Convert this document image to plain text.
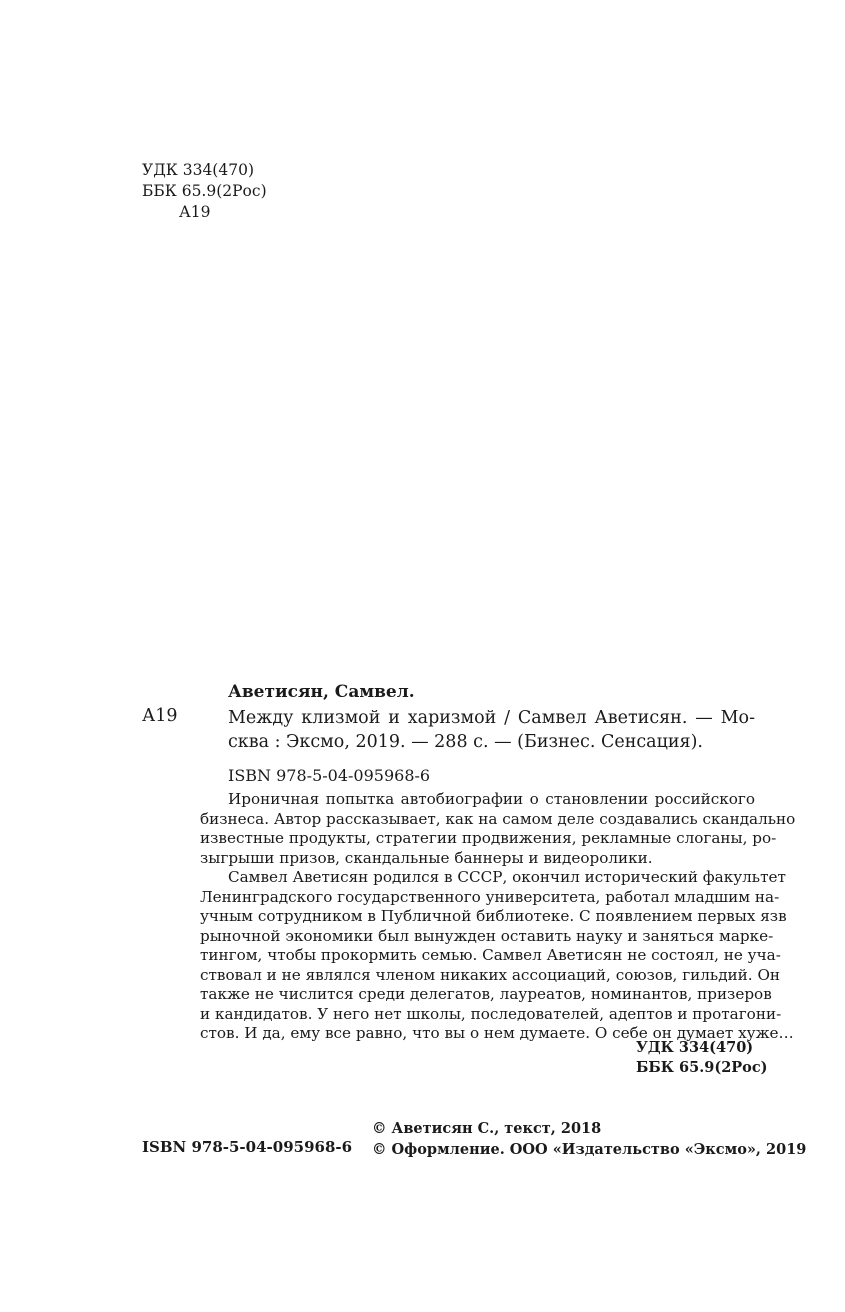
УДК 334(470)
ББК 65.9(2Рос)
А19
Аветисян, Самвел.
А19	Между клизмой и харизмой / Самвел Аветисян. — Мо-
сква : Эксмо, 2019. — 288 с. — (Бизнес. Сенсация).
ISBN 978-5-04-095968-6
Ироничная попытка автобиографии о становлении российского
бизнеса. Автор рассказывает, как на самом деле создавались скандально
известные продукты, стратегии продвижения, рекламные слоганы, ро-
зыгрыши призов, скандальные баннеры и видеоролики.
Самвел Аветисян родился в СССР, окончил исторический факультет
Ленинградского государственного университета, работал младшим на-
учным сотрудником в Публичной библиотеке. С появлением первых язв
рыночной экономики был вынужден оставить науку и заняться марке-
тингом, чтобы прокормить семью. Самвел Аветисян не состоял, не уча-
ствовал и не являлся членом никаких ассоциаций, союзов, гильдий. Он
также не числится среди делегатов, лауреатов, номинантов, призеров
и кандидатов. У него нет школы, последователей, адептов и протагони-
стов. И да, ему все равно, что вы о нем думаете. О себе он думает хуже…
УДК 334(470)
ББК 65.9(2Рос)
© Аветисян С., текст, 2018
© Оформление. ООО «Издательство «Эксмо», 2019
ISBN 978-5-04-095968-6
